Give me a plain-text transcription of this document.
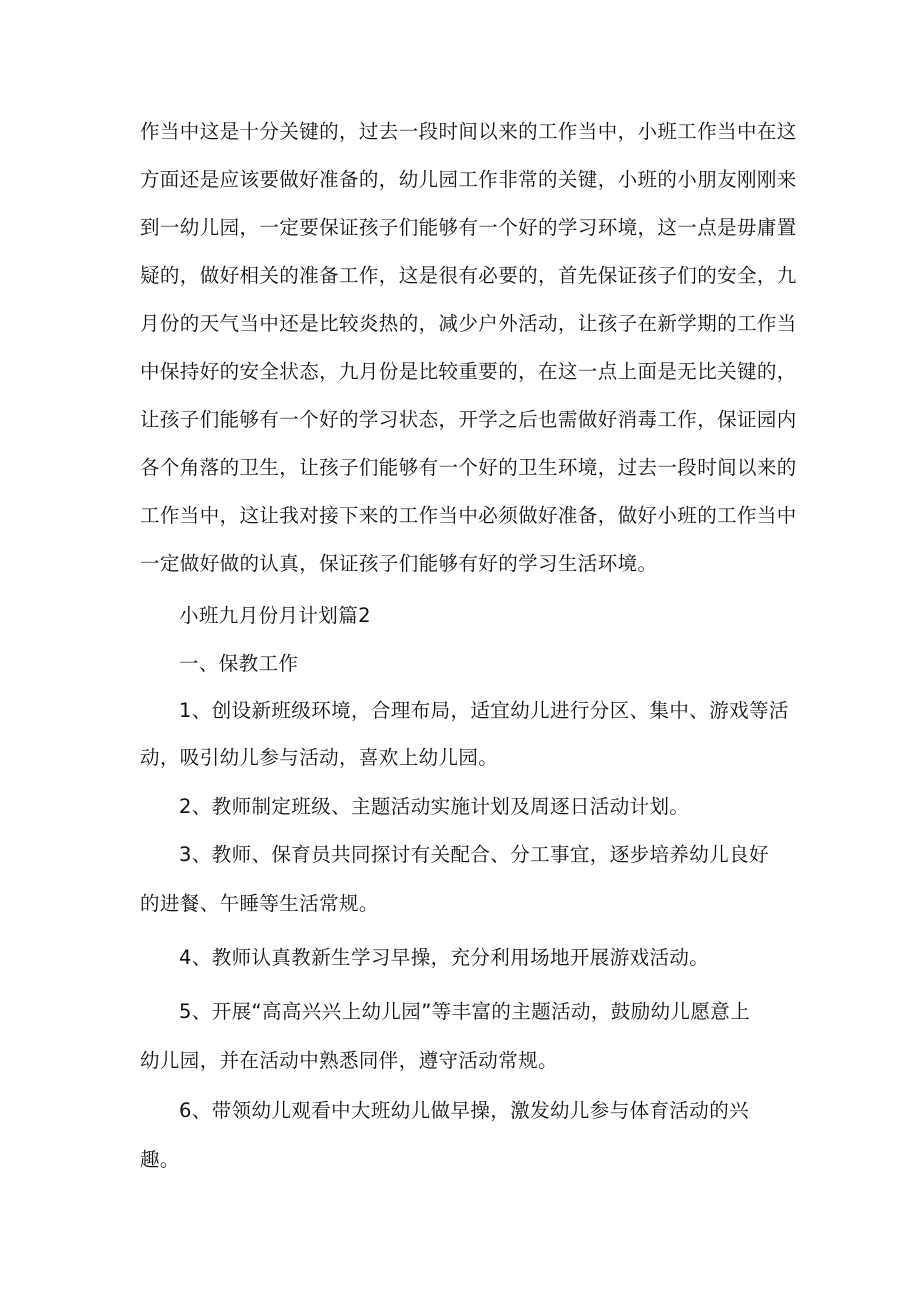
作当中这是十分关键的，过去一段时间以来的工作当中，小班工作当中在这
方面还是应该要做好准备的，幼儿园工作非常的关键，小班的小朋友刚刚来
到一幼儿园，一定要保证孩子们能够有一个好的学习环境，这一点是毋庸置
疑的，做好相关的准备工作，这是很有必要的，首先保证孩子们的安全，九
月份的天气当中还是比较炎热的，减少户外活动，让孩子在新学期的工作当
中保持好的安全状态，九月份是比较重要的，在这一点上面是无比关键的，
让孩子们能够有一个好的学习状态，开学之后也需做好消毒工作，保证园内
各个角落的卫生，让孩子们能够有一个好的卫生环境，过去一段时间以来的
工作当中，这让我对接下来的工作当中必须做好准备，做好小班的工作当中
一定做好做的认真，保证孩子们能够有好的学习生活环境。
小班九月份月计划篇2
一、保教工作
1、创设新班级环境，合理布局，适宜幼儿进行分区、集中、游戏等活
动，吸引幼儿参与活动，喜欢上幼儿园。
2、教师制定班级、主题活动实施计划及周逐日活动计划。
3、教师、保育员共同探讨有关配合、分工事宜，逐步培养幼儿良好
的进餐、午睡等生活常规。
4、教师认真教新生学习早操，充分利用场地开展游戏活动。
5、开展“高高兴兴上幼儿园”等丰富的主题活动，鼓励幼儿愿意上
幼儿园，并在活动中熟悉同伴，遵守活动常规。
6、带领幼儿观看中大班幼儿做早操，激发幼儿参与体育活动的兴
趣。
